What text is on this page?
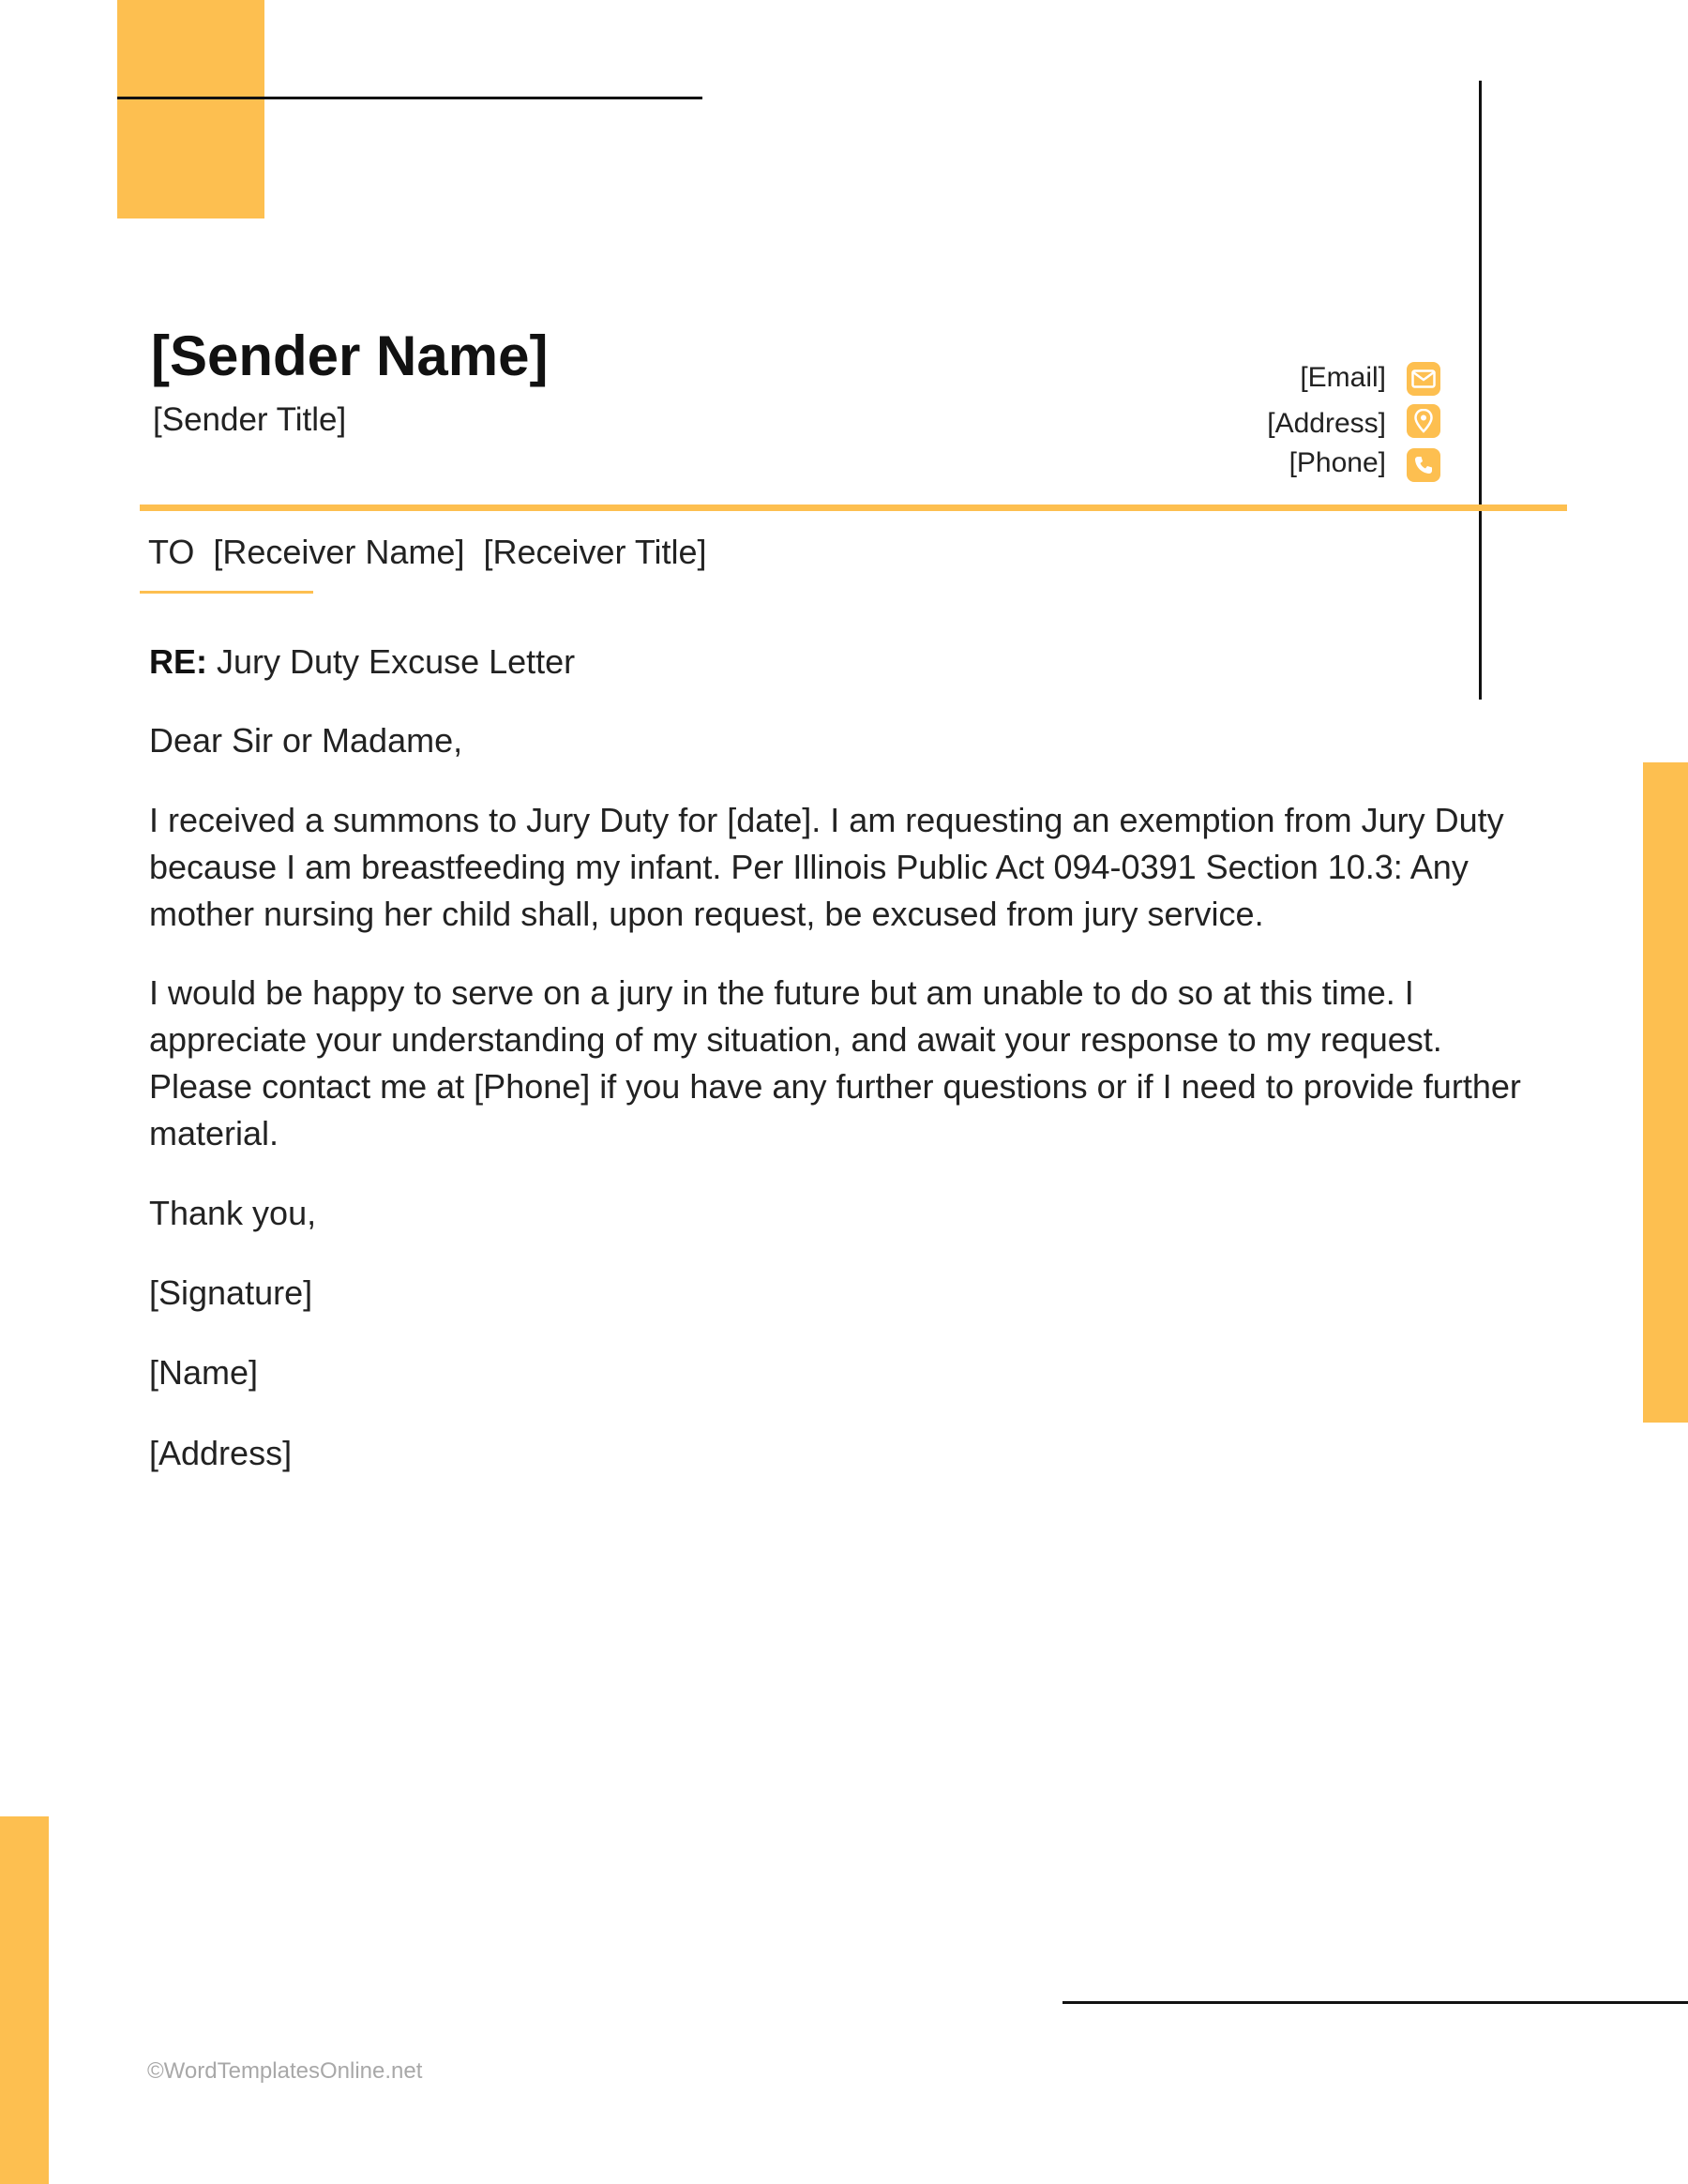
[Sender Name]
[Sender Title]
[Email]
[Address]
[Phone]
TO [Receiver Name] [Receiver Title]
RE: Jury Duty Excuse Letter
Dear Sir or Madame,

I received a summons to Jury Duty for [date]. I am requesting an exemption from Jury Duty because I am breastfeeding my infant. Per Illinois Public Act 094-0391 Section 10.3: Any mother nursing her child shall, upon request, be excused from jury service.

I would be happy to serve on a jury in the future but am unable to do so at this time. I appreciate your understanding of my situation, and await your response to my request. Please contact me at [Phone] if you have any further questions or if I need to provide further material.

Thank you,
[Signature]
[Name]
[Address]
©WordTemplatesOnline.net
